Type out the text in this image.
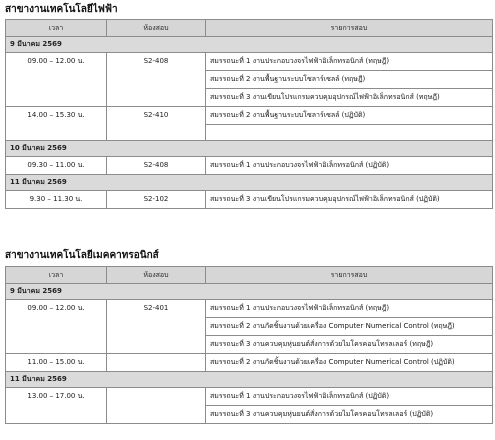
สาขางานเทคโนโลยีไฟฟ้า
เวลา	ห้องสอบ	รายการสอบ
9 มีนาคม 2569		
09.00 – 12.00 น.	S2-408	สมรรถนะที่ 1 งานประกอบวงจรไฟฟ้าอิเล็กทรอนิกส์ (ทฤษฎี)
		สมรรถนะที่ 2 งานพื้นฐานระบบโซลาร์เซลล์ (ทฤษฎี)
		สมรรถนะที่ 3 งานเขียนโปรแกรมควบคุมอุปกรณ์ไฟฟ้าอิเล็กทรอนิกส์ (ทฤษฎี)
14.00 – 15.30 น.	S2-410	สมรรถนะที่ 2 งานพื้นฐานระบบโซลาร์เซลล์ (ปฏิบัติ)

10 มีนาคม 2569		
09.30 – 11.00 น.	S2-408	สมรรถนะที่ 1 งานประกอบวงจรไฟฟ้าอิเล็กทรอนิกส์ (ปฏิบัติ)
11 มีนาคม 2569		
9.30 – 11.30 น.	S2-102	สมรรถนะที่ 3 งานเขียนโปรแกรมควบคุมอุปกรณ์ไฟฟ้าอิเล็กทรอนิกส์ (ปฏิบัติ)
สาขางานเทคโนโลยีเมคคาทรอนิกส์
เวลา	ห้องสอบ	รายการสอบ
9 มีนาคม 2569		
09.00 – 12.00 น.	S2-401	สมรรถนะที่ 1 งานประกอบวงจรไฟฟ้าอิเล็กทรอนิกส์ (ทฤษฎี)
		สมรรถนะที่ 2 งานกัดชิ้นงานด้วยเครื่อง Computer Numerical Control (ทฤษฎี)
		สมรรถนะที่ 3 งานควบคุมหุ่นยนต์สั่งการด้วยไมโครคอนโทรลเลอร์ (ทฤษฎี)
11.00 – 15.00 น.		สมรรถนะที่ 2 งานกัดชิ้นงานด้วยเครื่อง Computer Numerical Control (ปฏิบัติ)
11 มีนาคม 2569		
13.00 – 17.00 น.		สมรรถนะที่ 1 งานประกอบวงจรไฟฟ้าอิเล็กทรอนิกส์ (ปฏิบัติ)
		สมรรถนะที่ 3 งานควบคุมหุ่นยนต์สั่งการด้วยไมโครคอนโทรลเลอร์ (ปฏิบัติ)
